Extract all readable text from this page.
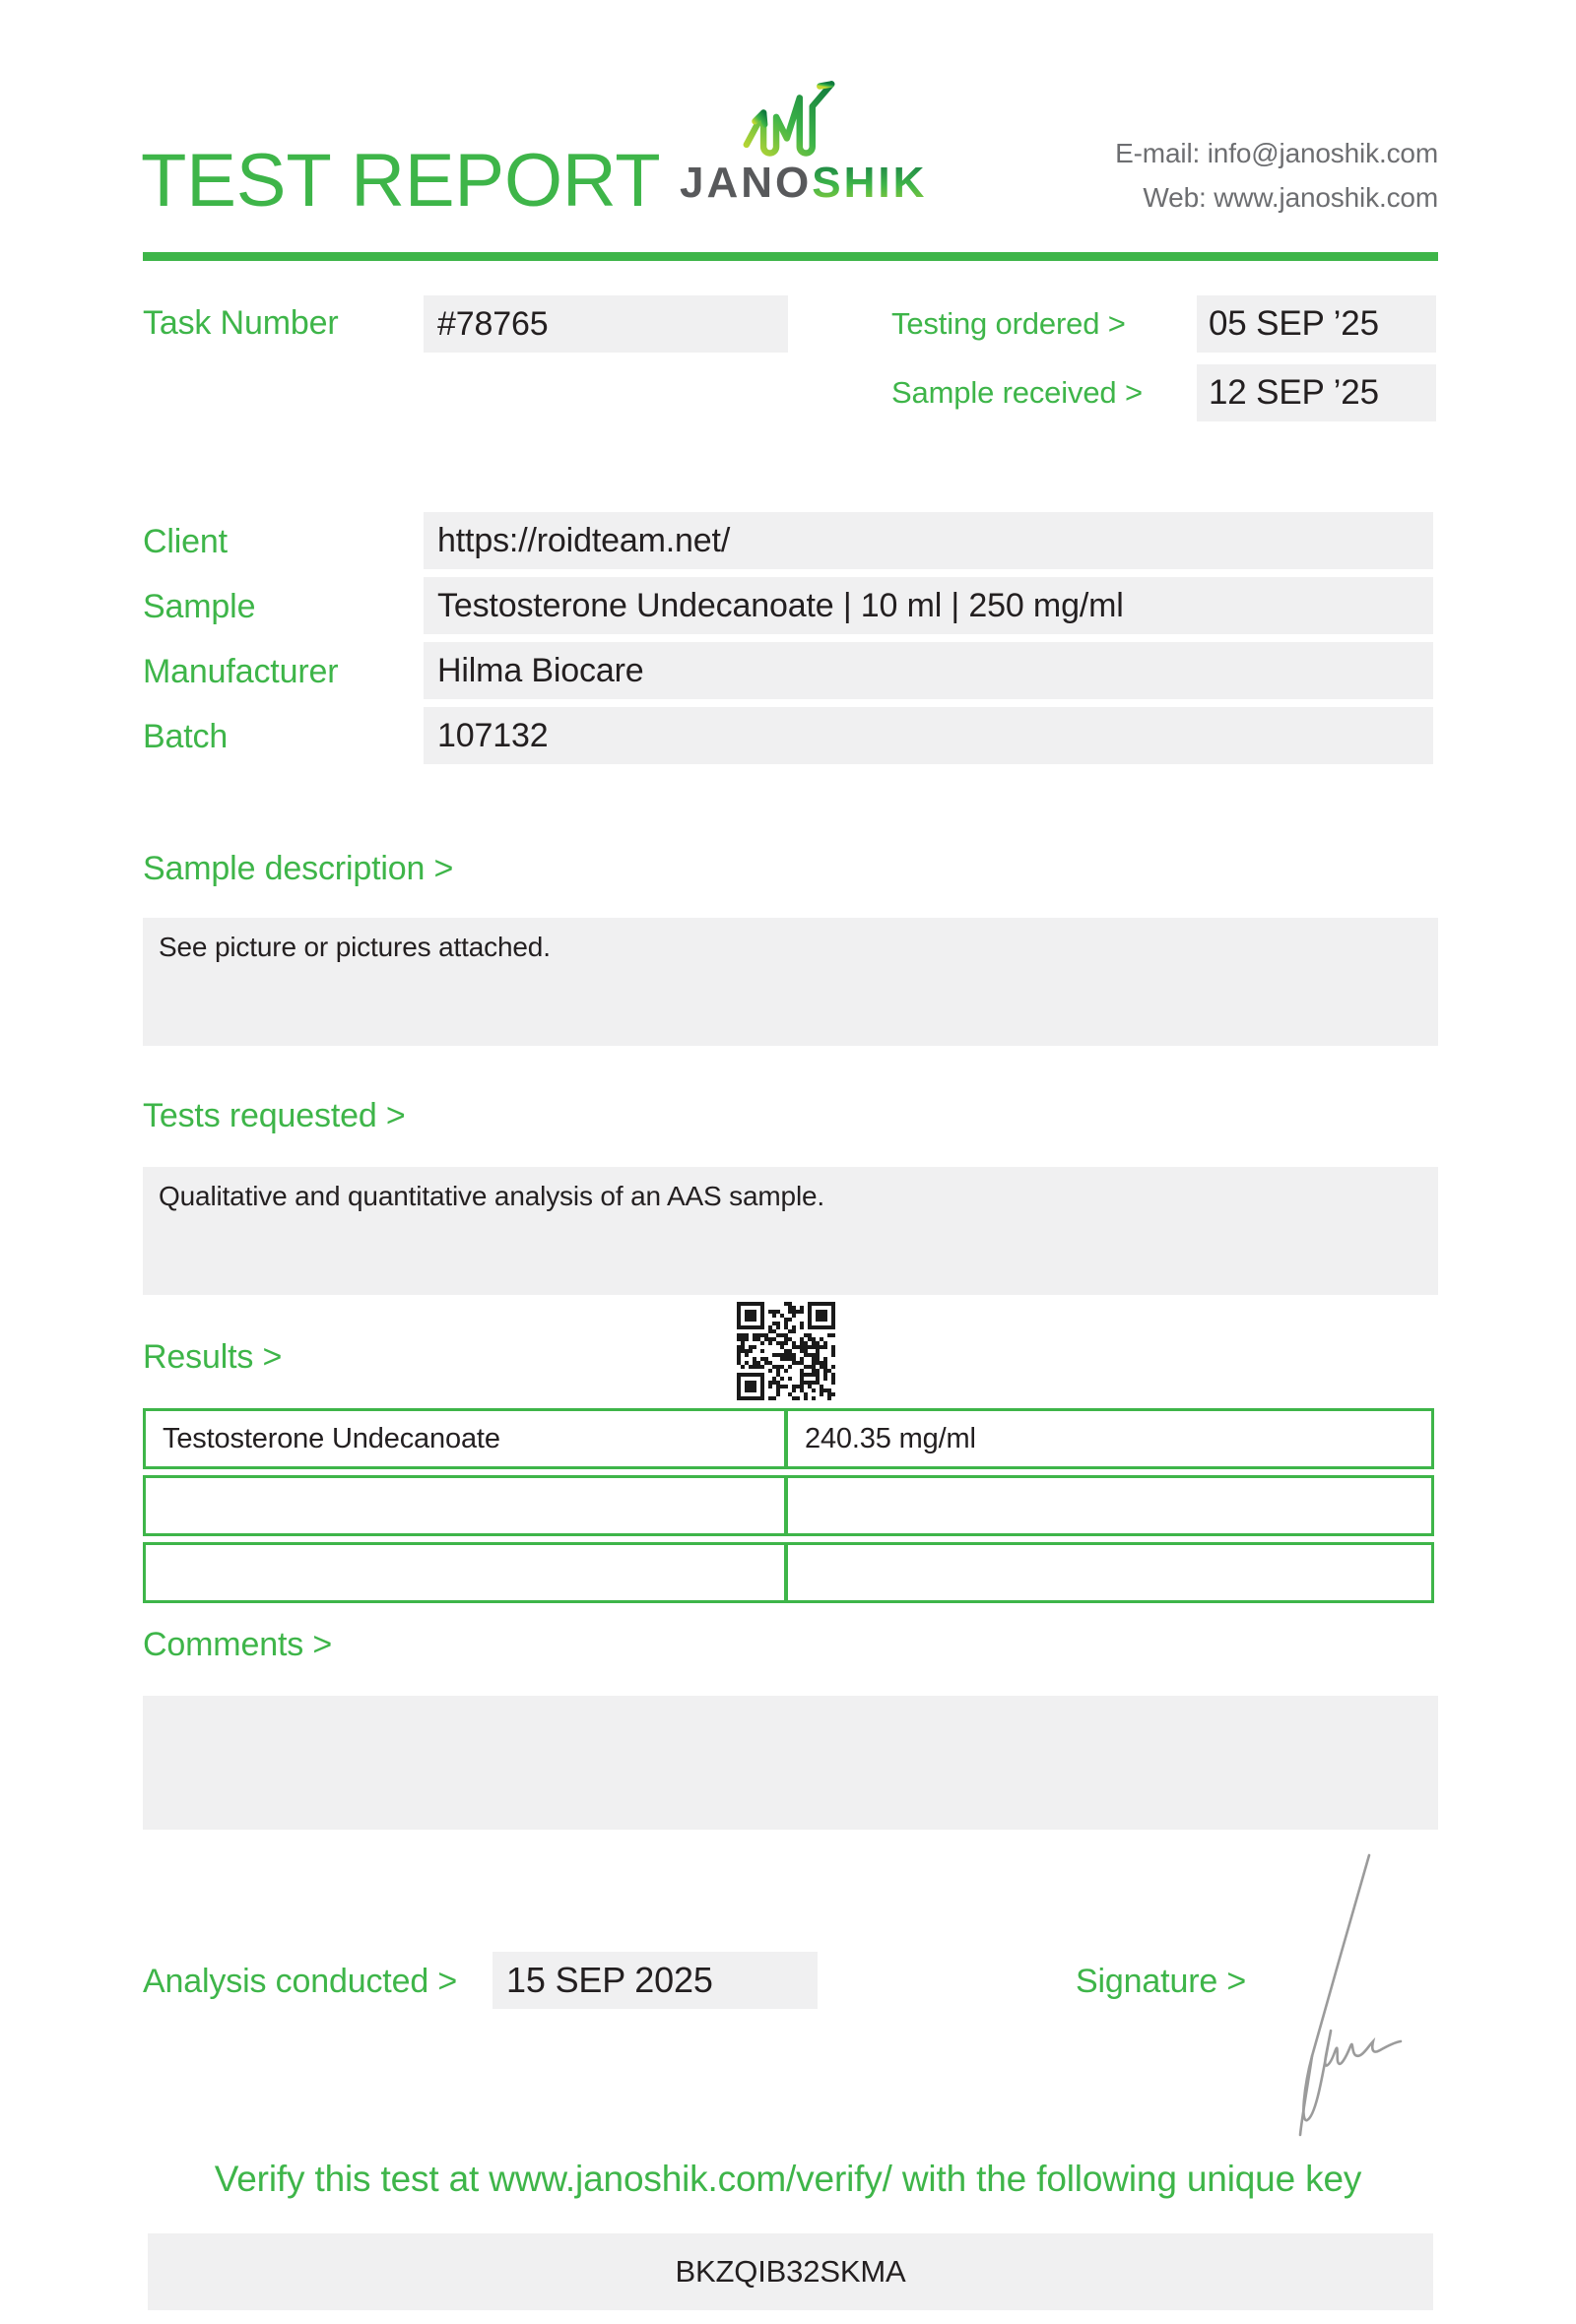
TEST REPORT JANOSHIK
E-mail: info@janoshik.com
Web: www.janoshik.com
Task Number	#78765	Testing ordered >	05 SEP ’25
Sample received >	12 SEP ’25
Client	https://roidteam.net/
Sample	Testosterone Undecanoate | 10 ml | 250 mg/ml
Manufacturer	Hilma Biocare
Batch	107132
Sample description >
See picture or pictures attached.
Tests requested >
Qualitative and quantitative analysis of an AAS sample.
Results >
Testosterone Undecanoate	240.35 mg/ml
Comments >
Analysis conducted >	15 SEP 2025	Signature >
Verify this test at www.janoshik.com/verify/ with the following unique key
BKZQIB32SKMA
